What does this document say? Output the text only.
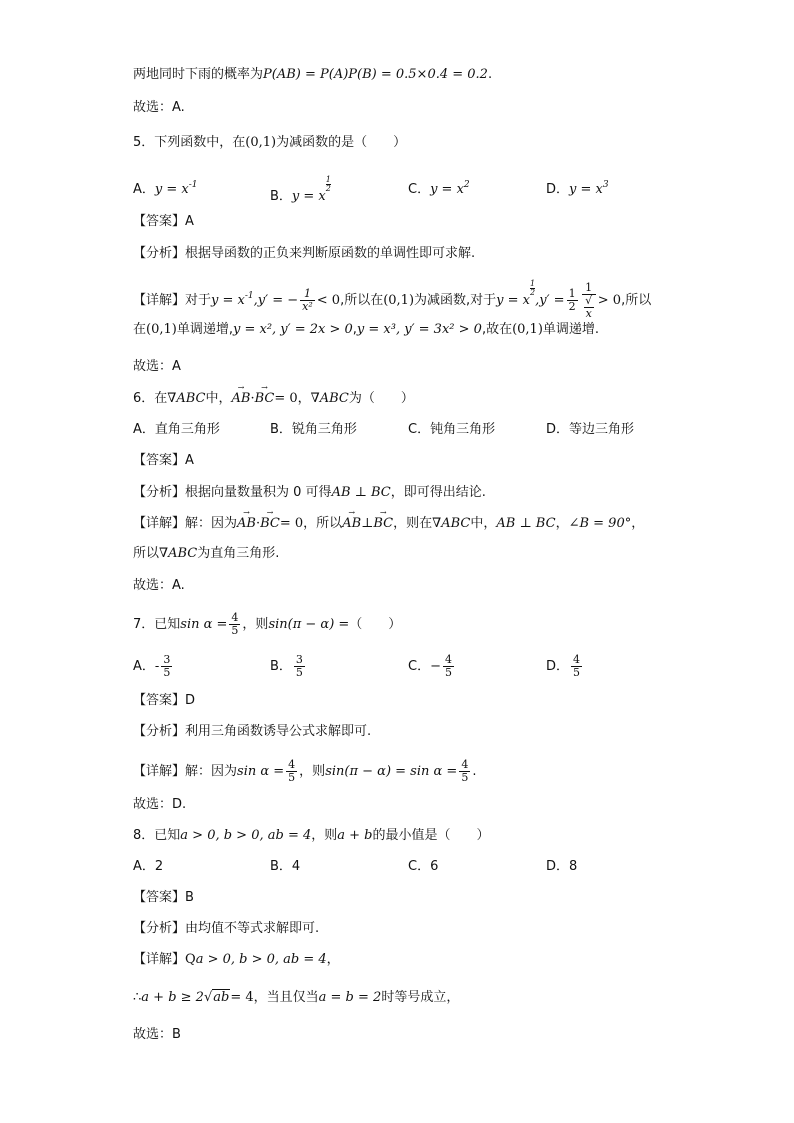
两地同时下雨的概率为P(AB) = P(A)P(B) = 0.5×0.4 = 0.2.
故选：A.
5．下列函数中，在(0,1)为减函数的是（　　）
A．$y = x^{-1}$
B．y = x
$\frac{1}{2}$	C．$y = x^2$	D．$y = x^3$
【答案】A
【分析】根据导函数的正负来判断原函数的单调性即可求解.
【详解】对于$y = x^{-1},y'$ = − $\frac{1}{\text{x²}} < 0$,所以在(0,1)为减函数,对于y = x
$\frac{1}{2}$
$,y' = \frac{1}{2} 1$
√
x > 0,所以
在(0,1)单调递增,y = x², y′ = 2x > 0,y = x³, y′ = 3x² > 0,故在(0,1)单调递增.
故选：A
6．在∇ABC中，→ AB·→ BC= 0，∇ABC为（　　）
A．直角三角形	B．锐角三角形	C．钝角三角形	D．等边三角形
【答案】A
【分析】根据向量数量积为 0 可得AB ⊥ BC，即可得出结论.
【详解】解：因为→ AB·→ BC= 0，所以→ AB⊥→ BC，则在∇ABC中，AB ⊥ BC，∠B = 90°，
所以∇ABC为直角三角形.
故选：A.
7．已知$\sin \alpha = \frac{4}{5}$ ，则sin(π − α) =（　　）
A．- $\frac{3}{5}$	B． $\frac{3}{5}$	C．− $\frac{4}{5}$	D． $\frac{4}{5}$
【答案】D
【分析】利用三角函数诱导公式求解即可.
【详解】解：因为$\sin \alpha = \frac{4}{5}$ ，则$\sin(\pi - \alpha) = \sin \alpha = \frac{4}{5}$ .
故选：D.
8．已知a > 0, b > 0, ab = 4，则a + b的最小值是（　　）
A．2	B．4	C．6	D．8
【答案】B
【分析】由均值不等式求解即可.
【详解】Qa > 0, b > 0, ab = 4，
∴a + b ≥ 2√ab= 4，当且仅当a = b = 2时等号成立，
故选：B
